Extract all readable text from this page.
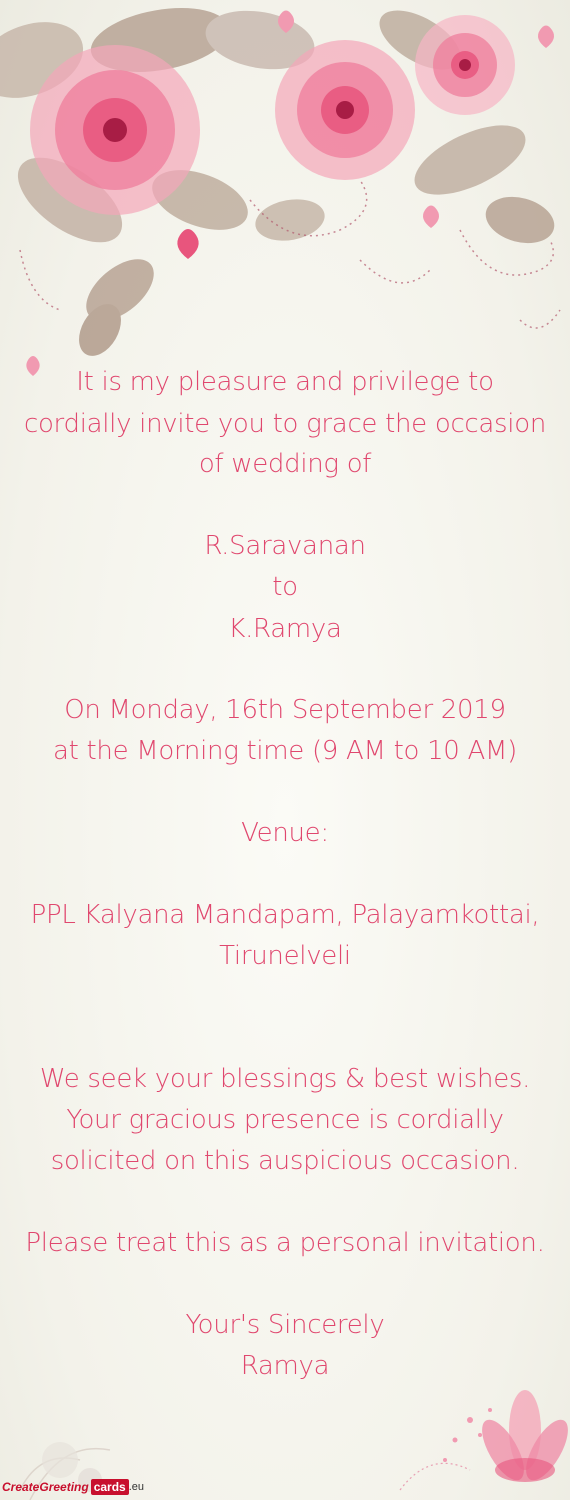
It is my pleasure and privilege to
cordially invite you to grace the occasion
of wedding of
R.Saravanan
to
K.Ramya
On Monday, 16th September 2019
at the Morning time (9 AM to 10 AM)
Venue:
PPL Kalyana Mandapam, Palayamkottai,
Tirunelveli
We seek your blessings & best wishes.
Your gracious presence is cordially
solicited on this auspicious occasion.
Please treat this as a personal invitation.
Your's Sincerely
Ramya
CreateGreeting cards .eu
